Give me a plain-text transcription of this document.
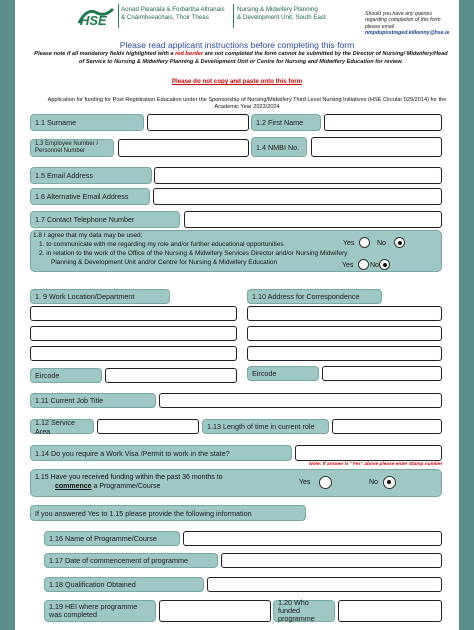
HSE
Aonad Pleanála & Forbartha Altranais
& Cnáimhseachais, Thoir Theas
Nursing & Midwifery Planning
& Development Unit, South East	Should you have any queries
regarding completion of this form
please email
nmpdupostreged.kilkenny@hse.ie
Please read applicant instructions before completing this form
Please note if all mandatory fields highlighted with a red border are not completed the form cannot be submitted by the Director of Nursing/ Midwifery/Head of Service to Nursing & Midwifery Planning & Development Unit or Centre for Nursing and Midwifery Education for review.
Please do not copy and paste onto this form
Application for funding for Post Registration Education under the Sponsorship of Nursing/Midwifery Third Level Nursing Initiatives (HSE Circular 029/2014) for the Academic Year 2023/2024
1.1 Surname	1.2 First Name
1.3 Employee Number /
Personnel Number	1.4 NMBI No.
1.5 Email Address
1.6 Alternative Email Address
1.7 Contact Telephone Number
1.8 I agree that my data may be used;
1. to communicate with me regarding my role and/or further educational opportunities	Yes	No
2. in relation to the work of the Office of the Nursing & Midwifery Services Director and/or Nursing Midwifery
Planning & Development Unit and/or Centre for Nursing & Midwifery Education	Yes No
1. 9 Work Location/Department	1.10 Address for Correspondence
Eircode	Eircode
1.11 Current Job Title
1.12 Service Area	1.13 Length of time in current role
1.14 Do you require a Work Visa /Permit to work in the state?
Note: If answer is "Yes" above please enter Stamp number
1.15 Have you received funding within the past 36 months to
commence a Programme/Course
Yes	No
If you answered Yes to 1.15 please provide the following information
1.16 Name of Programme/Course
1.17 Date of commencement of programme
1.18 Qualification Obtained
1.19 HEI where programme
was completed
1.20 Who funded
programme
